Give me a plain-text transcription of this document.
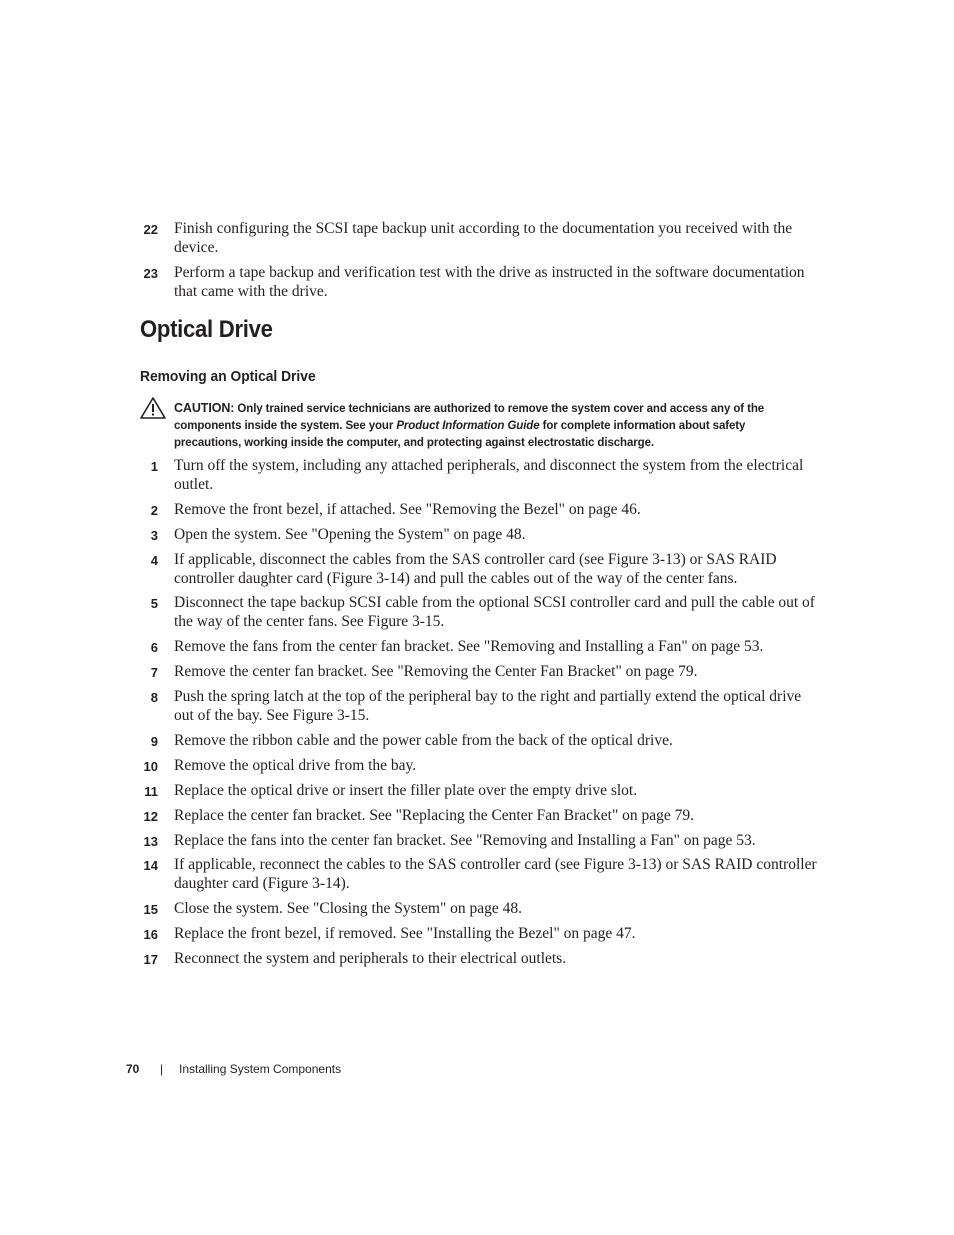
22 Finish configuring the SCSI tape backup unit according to the documentation you received with the device.
23 Perform a tape backup and verification test with the drive as instructed in the software documentation that came with the drive.
Optical Drive
Removing an Optical Drive
CAUTION: Only trained service technicians are authorized to remove the system cover and access any of the components inside the system. See your Product Information Guide for complete information about safety precautions, working inside the computer, and protecting against electrostatic discharge.
1 Turn off the system, including any attached peripherals, and disconnect the system from the electrical outlet.
2 Remove the front bezel, if attached. See "Removing the Bezel" on page 46.
3 Open the system. See "Opening the System" on page 48.
4 If applicable, disconnect the cables from the SAS controller card (see Figure 3-13) or SAS RAID controller daughter card (Figure 3-14) and pull the cables out of the way of the center fans.
5 Disconnect the tape backup SCSI cable from the optional SCSI controller card and pull the cable out of the way of the center fans. See Figure 3-15.
6 Remove the fans from the center fan bracket. See "Removing and Installing a Fan" on page 53.
7 Remove the center fan bracket. See "Removing the Center Fan Bracket" on page 79.
8 Push the spring latch at the top of the peripheral bay to the right and partially extend the optical drive out of the bay. See Figure 3-15.
9 Remove the ribbon cable and the power cable from the back of the optical drive.
10 Remove the optical drive from the bay.
11 Replace the optical drive or insert the filler plate over the empty drive slot.
12 Replace the center fan bracket. See "Replacing the Center Fan Bracket" on page 79.
13 Replace the fans into the center fan bracket. See "Removing and Installing a Fan" on page 53.
14 If applicable, reconnect the cables to the SAS controller card (see Figure 3-13) or SAS RAID controller daughter card (Figure 3-14).
15 Close the system. See "Closing the System" on page 48.
16 Replace the front bezel, if removed. See "Installing the Bezel" on page 47.
17 Reconnect the system and peripherals to their electrical outlets.
70 | Installing System Components
